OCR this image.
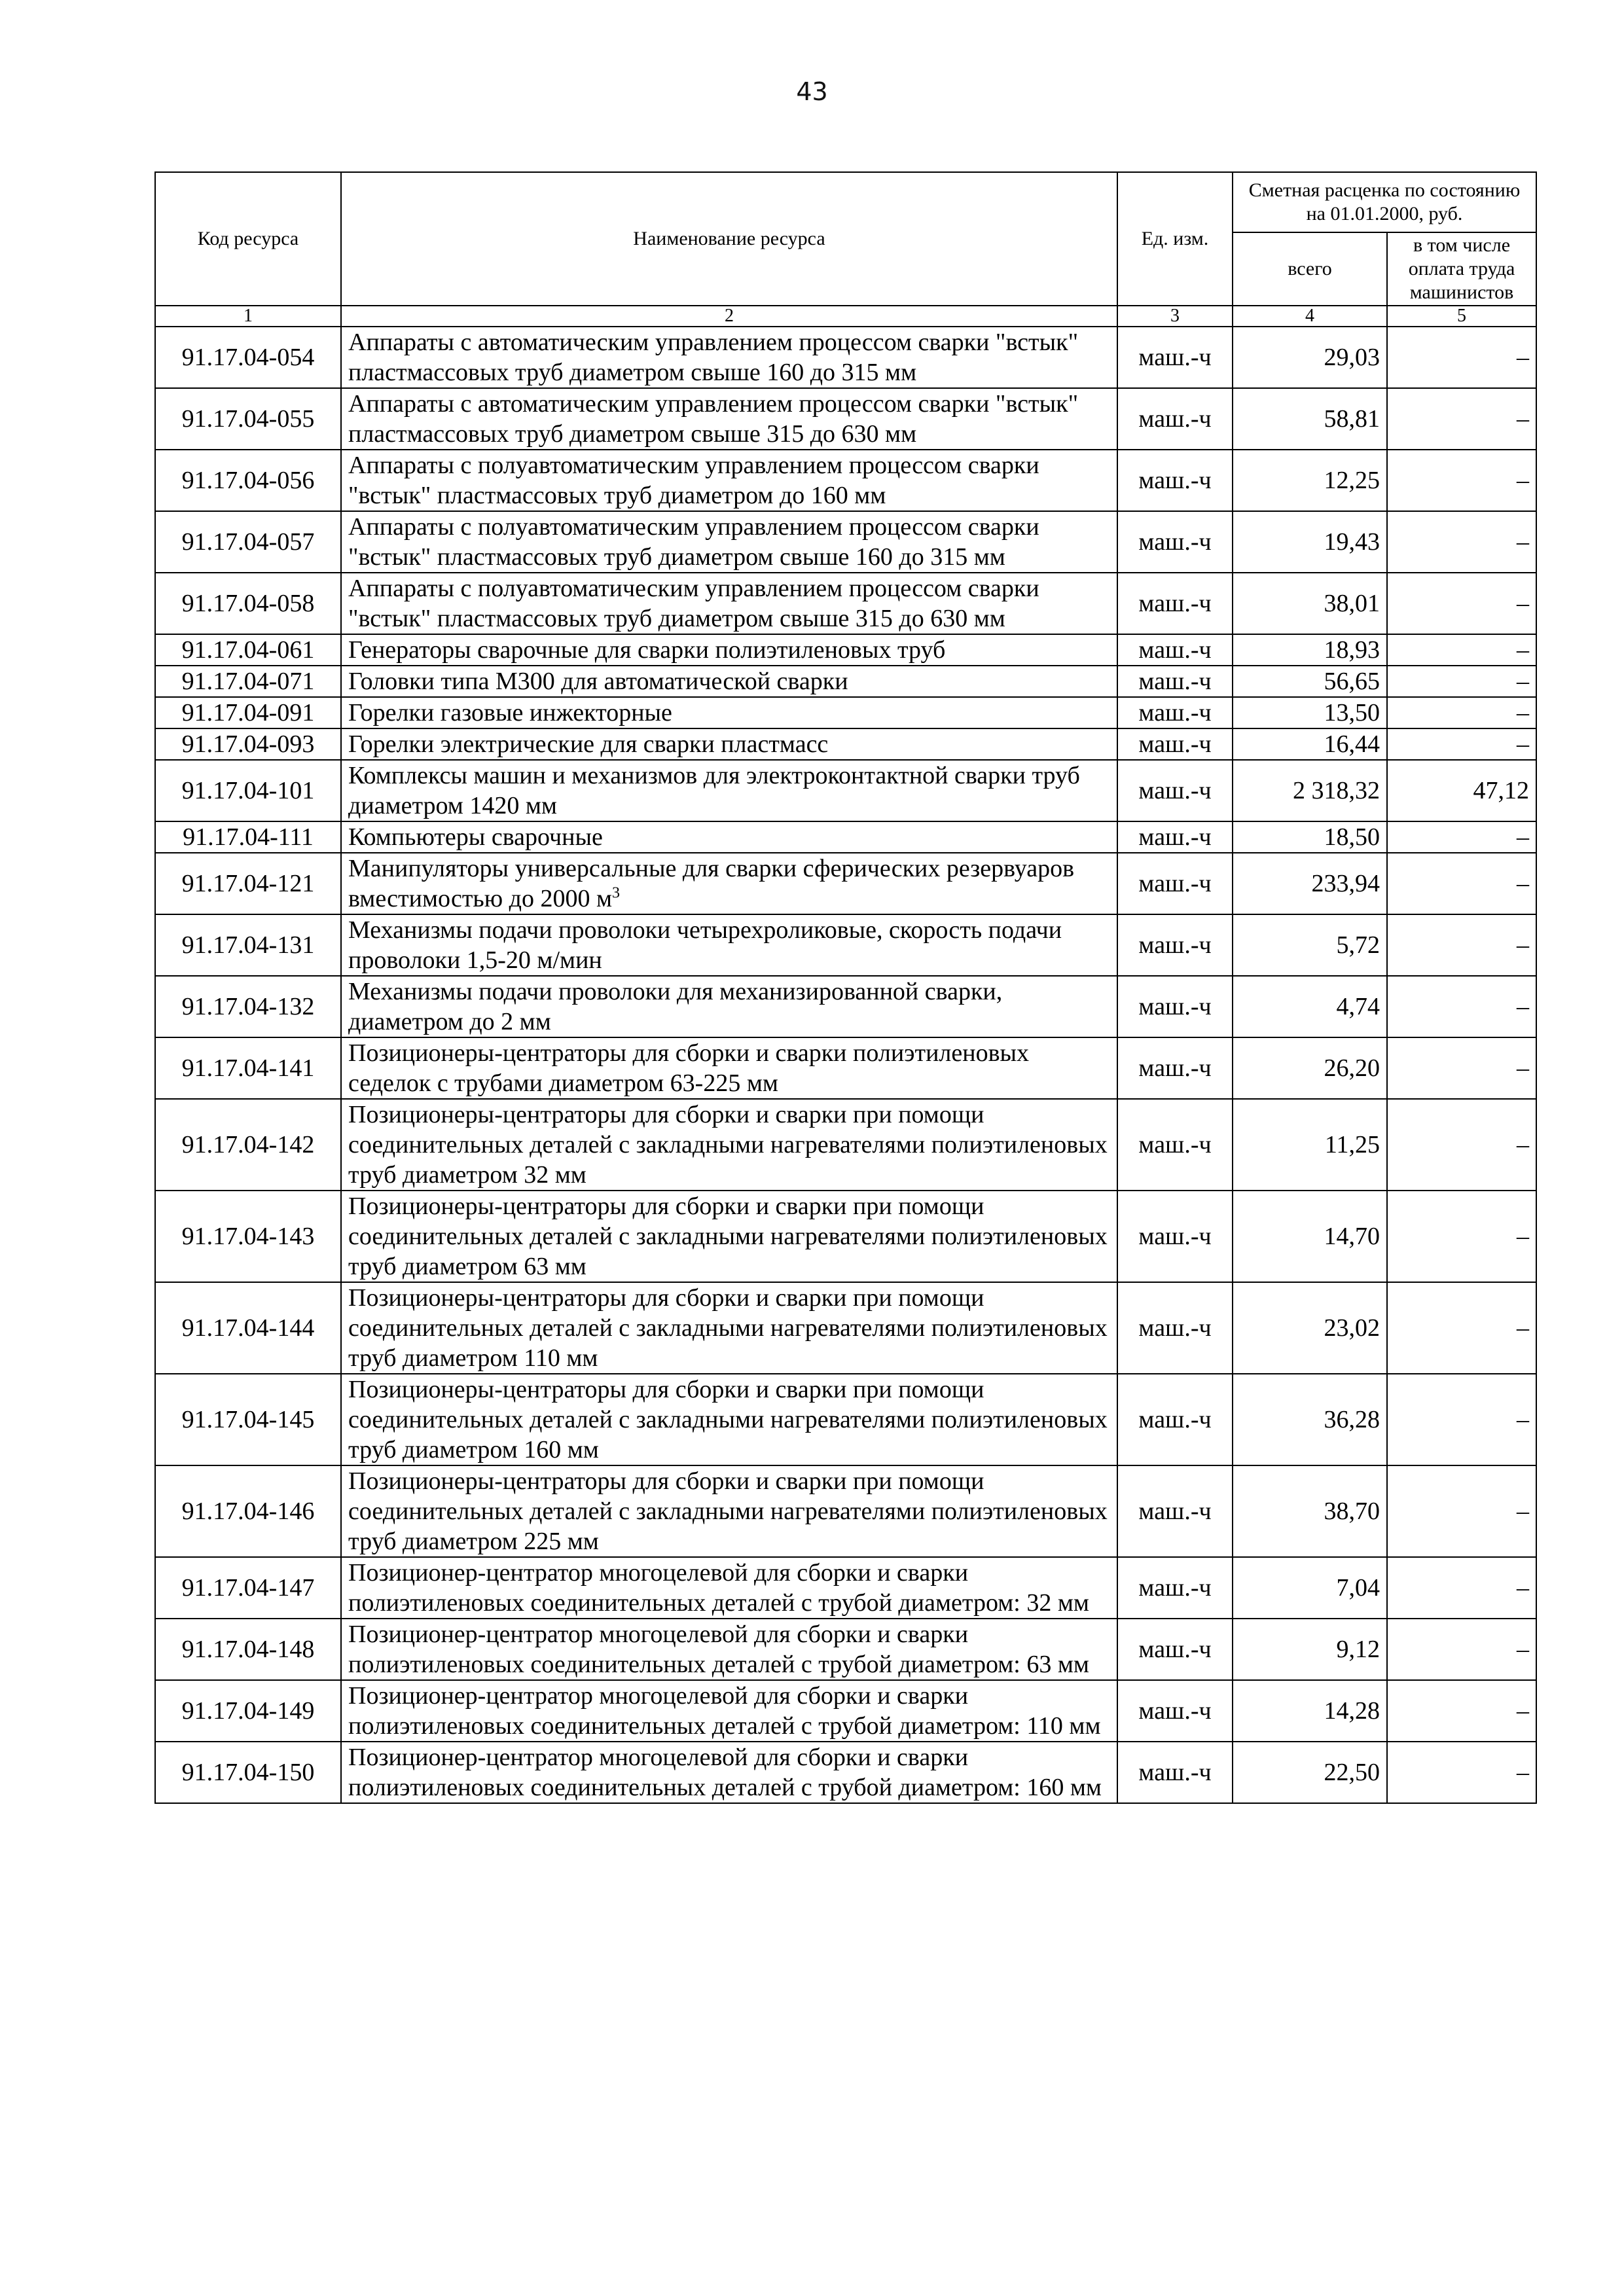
43
Код ресурса	Наименование ресурса	Ед. изм.	Сметная расценка по состоянию на 01.01.2000, руб.	
			всего	в том числе оплата труда машинистов
1	2	3	4	5
91.17.04-054	Аппараты с автоматическим управлением процессом сварки "встык" пластмассовых труб диаметром свыше 160 до 315 мм	маш.-ч	29,03	–
91.17.04-055	Аппараты с автоматическим управлением процессом сварки "встык" пластмассовых труб диаметром свыше 315 до 630 мм	маш.-ч	58,81	–
91.17.04-056	Аппараты с полуавтоматическим управлением процессом сварки "встык" пластмассовых труб диаметром до 160 мм	маш.-ч	12,25	–
91.17.04-057	Аппараты с полуавтоматическим управлением процессом сварки "встык" пластмассовых труб диаметром свыше 160 до 315 мм	маш.-ч	19,43	–
91.17.04-058	Аппараты с полуавтоматическим управлением процессом сварки "встык" пластмассовых труб диаметром свыше 315 до 630 мм	маш.-ч	38,01	–
91.17.04-061	Генераторы сварочные для сварки полиэтиленовых труб	маш.-ч	18,93	–
91.17.04-071	Головки типа М300 для автоматической сварки	маш.-ч	56,65	–
91.17.04-091	Горелки газовые инжекторные	маш.-ч	13,50	–
91.17.04-093	Горелки электрические для сварки пластмасс	маш.-ч	16,44	–
91.17.04-101	Комплексы машин и механизмов для электроконтактной сварки труб диаметром 1420 мм	маш.-ч	2 318,32	47,12
91.17.04-111	Компьютеры сварочные	маш.-ч	18,50	–
91.17.04-121	Манипуляторы универсальные для сварки сферических резервуаров вместимостью до 2000 $м^3$	маш.-ч	233,94	–
91.17.04-131	Механизмы подачи проволоки четырехроликовые, скорость подачи проволоки 1,5-20 м/мин	маш.-ч	5,72	–
91.17.04-132	Механизмы подачи проволоки для механизированной сварки, диаметром до 2 мм	маш.-ч	4,74	–
91.17.04-141	Позиционеры-центраторы для сборки и сварки полиэтиленовых седелок с трубами диаметром 63-225 мм	маш.-ч	26,20	–
91.17.04-142	Позиционеры-центраторы для сборки и сварки при помощи соединительных деталей с закладными нагревателями полиэтиленовых труб диаметром 32 мм	маш.-ч	11,25	–
91.17.04-143	Позиционеры-центраторы для сборки и сварки при помощи соединительных деталей с закладными нагревателями полиэтиленовых труб диаметром 63 мм	маш.-ч	14,70	–
91.17.04-144	Позиционеры-центраторы для сборки и сварки при помощи соединительных деталей с закладными нагревателями полиэтиленовых труб диаметром 110 мм	маш.-ч	23,02	–
91.17.04-145	Позиционеры-центраторы для сборки и сварки при помощи соединительных деталей с закладными нагревателями полиэтиленовых труб диаметром 160 мм	маш.-ч	36,28	–
91.17.04-146	Позиционеры-центраторы для сборки и сварки при помощи соединительных деталей с закладными нагревателями полиэтиленовых труб диаметром 225 мм	маш.-ч	38,70	–
91.17.04-147	Позиционер-центратор многоцелевой для сборки и сварки полиэтиленовых соединительных деталей с трубой диаметром: 32 мм	маш.-ч	7,04	–
91.17.04-148	Позиционер-центратор многоцелевой для сборки и сварки полиэтиленовых соединительных деталей с трубой диаметром: 63 мм	маш.-ч	9,12	–
91.17.04-149	Позиционер-центратор многоцелевой для сборки и сварки полиэтиленовых соединительных деталей с трубой диаметром: 110 мм	маш.-ч	14,28	–
91.17.04-150	Позиционер-центратор многоцелевой для сборки и сварки полиэтиленовых соединительных деталей с трубой диаметром: 160 мм	маш.-ч	22,50	–
